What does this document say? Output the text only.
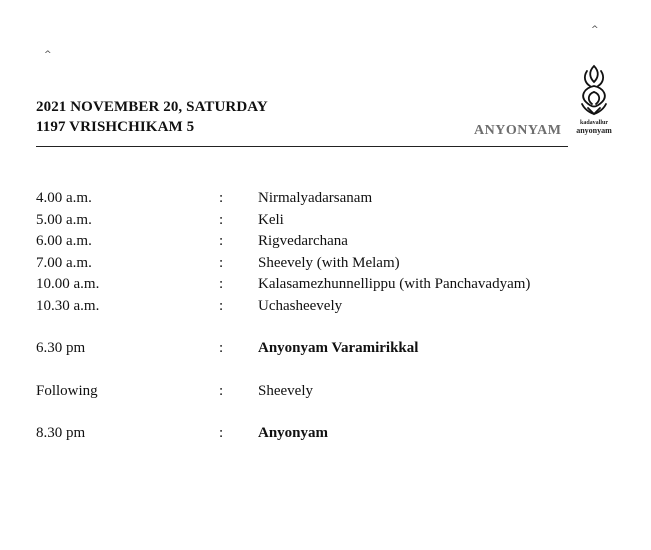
^
^
2021 NOVEMBER 20, SATURDAY
1197 VRISHCHIKAM 5	ANYONYAM	kadavallur
anyonyam
4.00 a.m.	: Nirmalyadarsanam
5.00 a.m.	: Keli
6.00 a.m.	: Rigvedarchana
7.00 a.m.	: Sheevely (with Melam)
10.00 a.m.	: Kalasamezhunnellippu (with Panchavadyam)
10.30 a.m.	: Uchasheevely
6.30 pm	: Anyonyam Varamirikkal
Following	: Sheevely
8.30 pm	: Anyonyam
